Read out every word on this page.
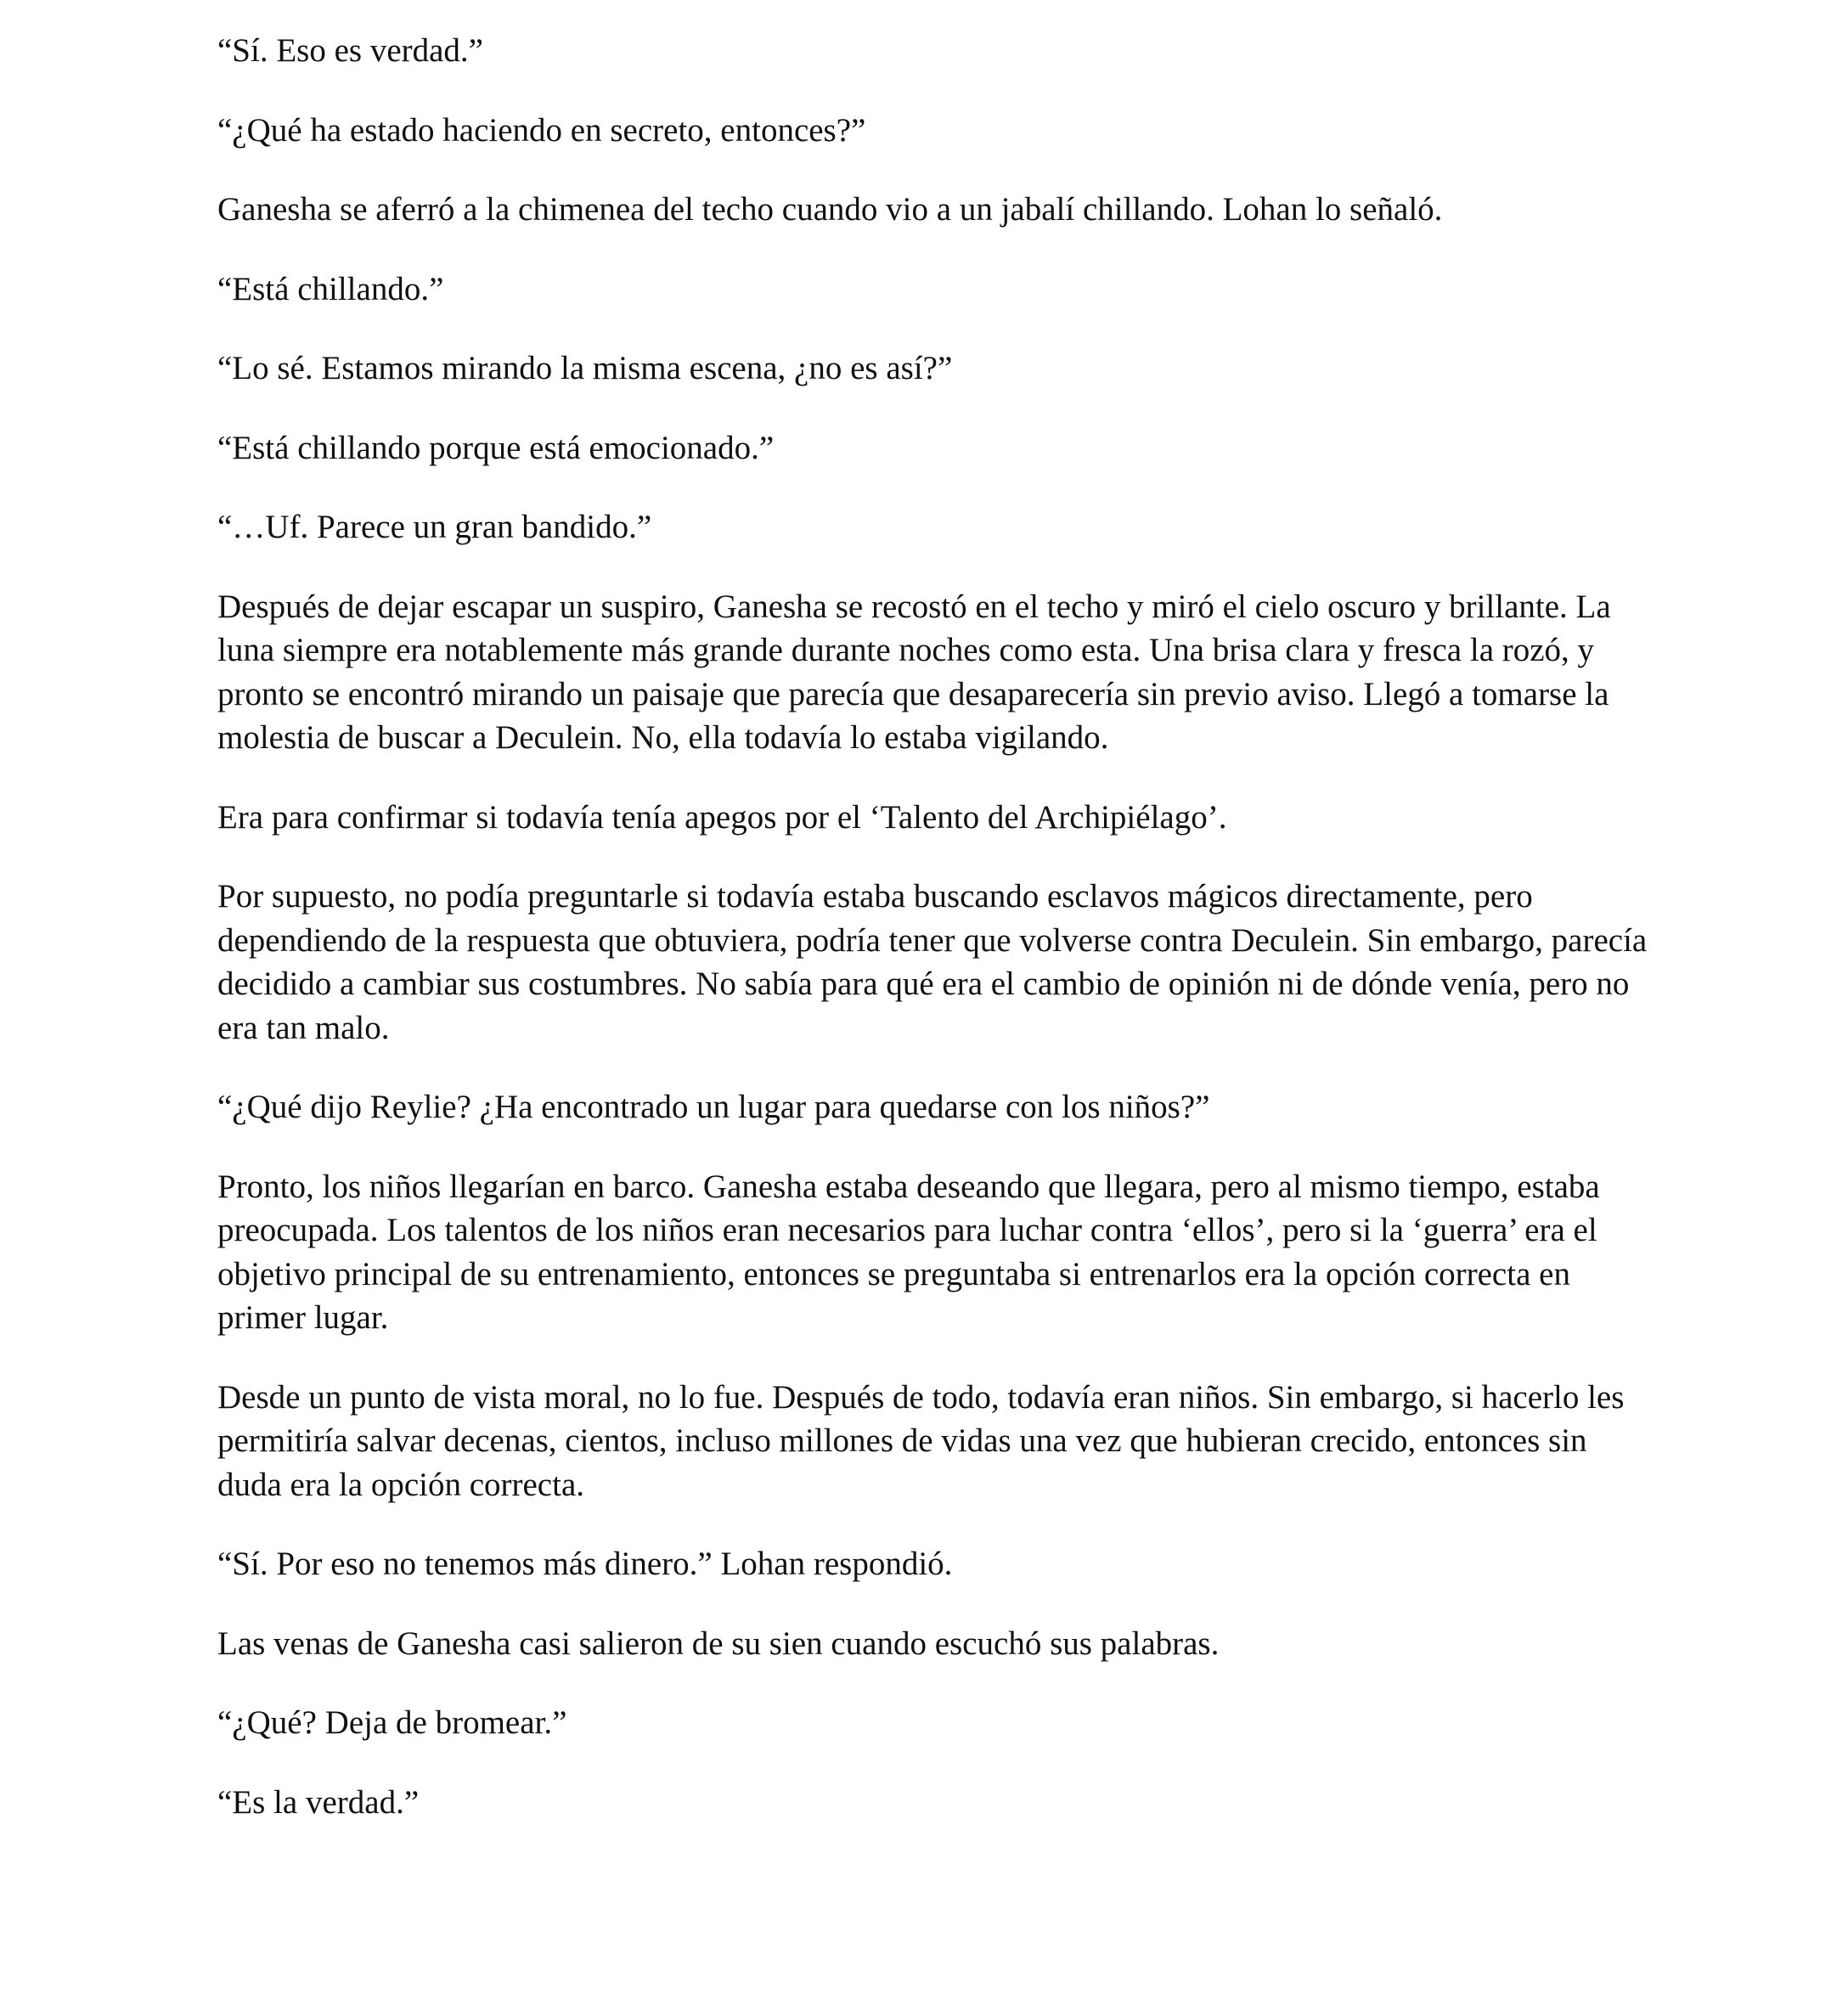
“Sí. Eso es verdad.”

“¿Qué ha estado haciendo en secreto, entonces?”

Ganesha se aferró a la chimenea del techo cuando vio a un jabalí chillando. Lohan lo señaló.

“Está chillando.”

“Lo sé. Estamos mirando la misma escena, ¿no es así?”

“Está chillando porque está emocionado.”

“…Uf. Parece un gran bandido.”

Después de dejar escapar un suspiro, Ganesha se recostó en el techo y miró el cielo oscuro y brillante. La luna siempre era notablemente más grande durante noches como esta. Una brisa clara y fresca la rozó, y pronto se encontró mirando un paisaje que parecía que desaparecería sin previo aviso. Llegó a tomarse la molestia de buscar a Deculein. No, ella todavía lo estaba vigilando.

Era para confirmar si todavía tenía apegos por el ‘Talento del Archipiélago’.

Por supuesto, no podía preguntarle si todavía estaba buscando esclavos mágicos directamente, pero dependiendo de la respuesta que obtuviera, podría tener que volverse contra Deculein. Sin embargo, parecía decidido a cambiar sus costumbres. No sabía para qué era el cambio de opinión ni de dónde venía, pero no era tan malo.

“¿Qué dijo Reylie? ¿Ha encontrado un lugar para quedarse con los niños?”

Pronto, los niños llegarían en barco. Ganesha estaba deseando que llegara, pero al mismo tiempo, estaba preocupada. Los talentos de los niños eran necesarios para luchar contra ‘ellos’, pero si la ‘guerra’ era el objetivo principal de su entrenamiento, entonces se preguntaba si entrenarlos era la opción correcta en primer lugar.

Desde un punto de vista moral, no lo fue. Después de todo, todavía eran niños. Sin embargo, si hacerlo les permitiría salvar decenas, cientos, incluso millones de vidas una vez que hubieran crecido, entonces sin duda era la opción correcta.

“Sí. Por eso no tenemos más dinero.” Lohan respondió.

Las venas de Ganesha casi salieron de su sien cuando escuchó sus palabras.

“¿Qué? Deja de bromear.”

“Es la verdad.”
